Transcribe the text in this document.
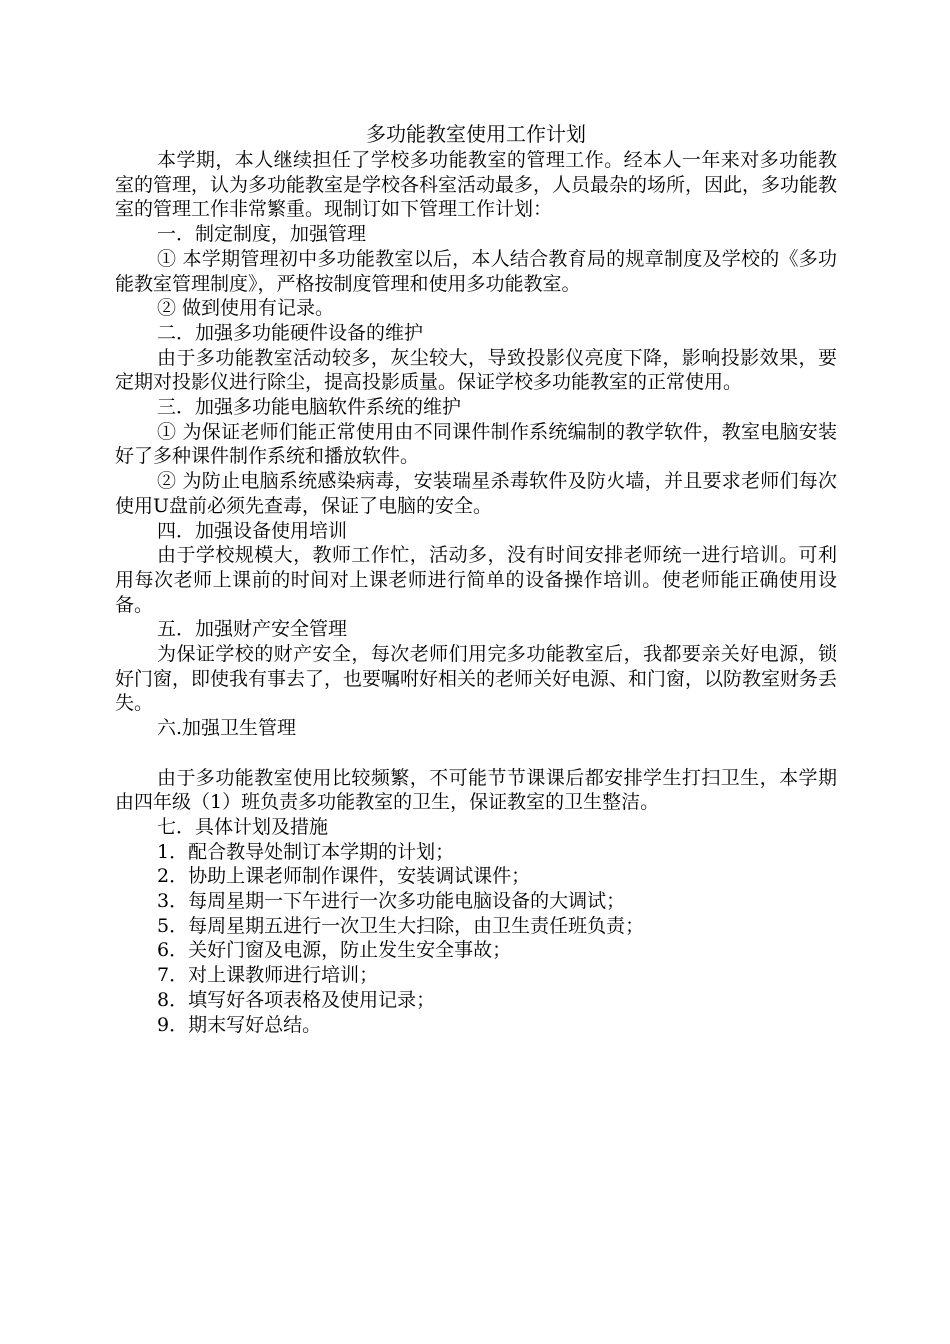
多功能教室使用工作计划

本学期，本人继续担任了学校多功能教室的管理工作。经本人一年来对多功能教室的管理，认为多功能教室是学校各科室活动最多，人员最杂的场所，因此，多功能教室的管理工作非常繁重。现制订如下管理工作计划：

一．制定制度，加强管理

① 本学期管理初中多功能教室以后，本人结合教育局的规章制度及学校的《多功能教室管理制度》，严格按制度管理和使用多功能教室。

② 做到使用有记录。

二．加强多功能硬件设备的维护

由于多功能教室活动较多，灰尘较大，导致投影仪亮度下降，影响投影效果，要定期对投影仪进行除尘，提高投影质量。保证学校多功能教室的正常使用。

三．加强多功能电脑软件系统的维护

① 为保证老师们能正常使用由不同课件制作系统编制的教学软件，教室电脑安装好了多种课件制作系统和播放软件。

② 为防止电脑系统感染病毒，安装瑞星杀毒软件及防火墙，并且要求老师们每次使用U盘前必须先查毒，保证了电脑的安全。

四．加强设备使用培训

由于学校规模大，教师工作忙，活动多，没有时间安排老师统一进行培训。可利用每次老师上课前的时间对上课老师进行简单的设备操作培训。使老师能正确使用设备。

五．加强财产安全管理

为保证学校的财产安全，每次老师们用完多功能教室后，我都要亲关好电源，锁好门窗，即使我有事去了，也要嘱咐好相关的老师关好电源、和门窗，以防教室财务丢失。

六.加强卫生管理

由于多功能教室使用比较频繁，不可能节节课课后都安排学生打扫卫生，本学期由四年级（1）班负责多功能教室的卫生，保证教室的卫生整洁。

七．具体计划及措施

1．配合教导处制订本学期的计划；
2．协助上课老师制作课件，安装调试课件；
3．每周星期一下午进行一次多功能电脑设备的大调试；
5．每周星期五进行一次卫生大扫除，由卫生责任班负责；
6．关好门窗及电源，防止发生安全事故；
7．对上课教师进行培训；
8．填写好各项表格及使用记录；
9．期末写好总结。
